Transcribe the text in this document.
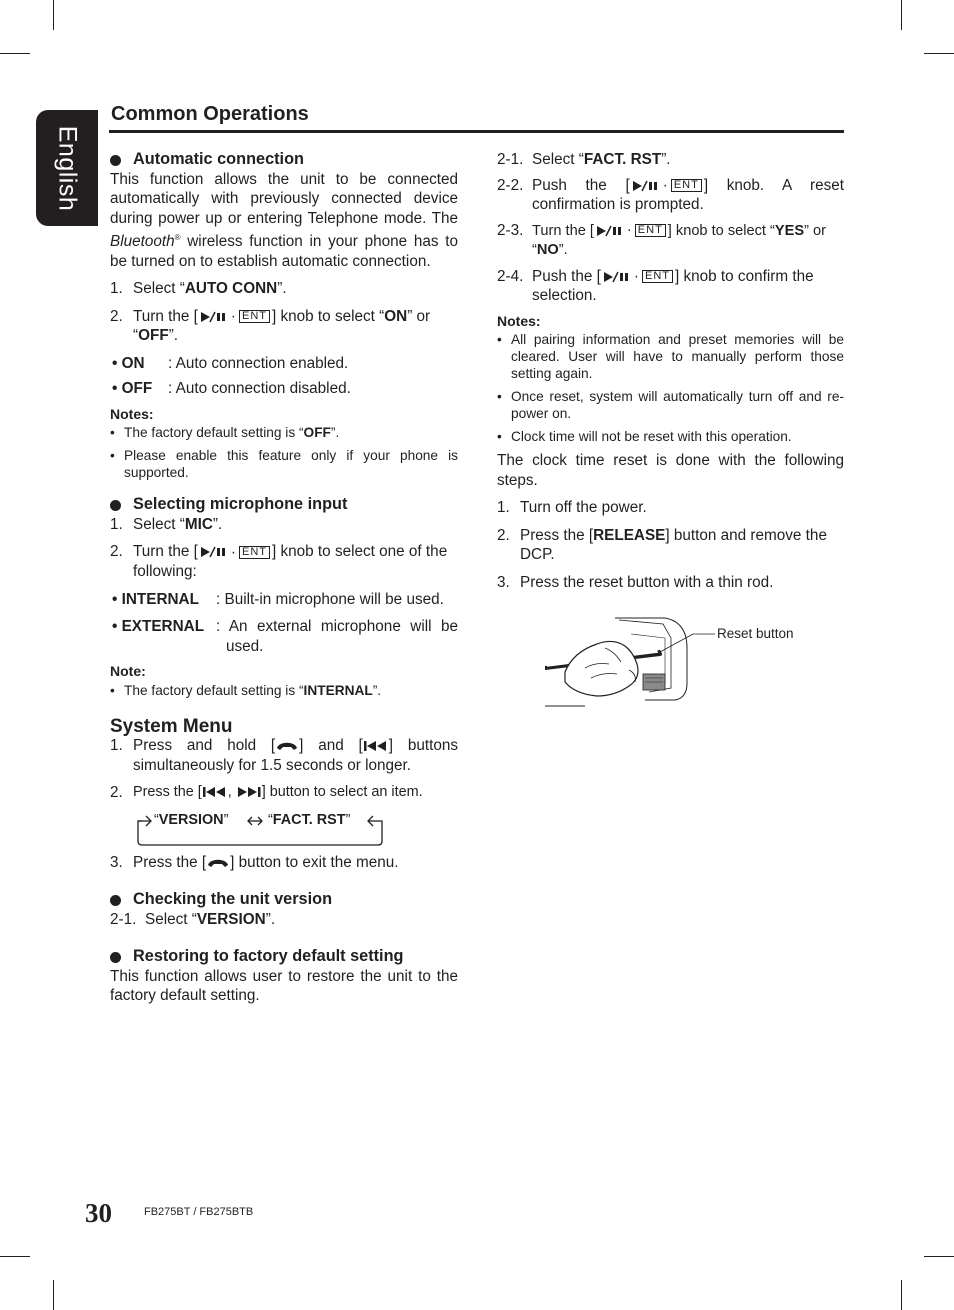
English
Common Operations

Automatic connection

This function allows the unit to be connected automatically with previously connected device during power up or entering Telephone mode. The Bluetooth® wireless function in your phone has to be turned on to establish automatic connection.

1. Select “AUTO CONN”.

2. Turn the [ · ENT ] knob to select “ON” or “OFF”.

• ON	: Auto connection enabled.

• OFF	: Auto connection disabled.

Notes:

• The factory default setting is “OFF”.

• Please enable this feature only if your phone is supported.

Selecting microphone input

1. Select “MIC”.

2. Turn the [ · ENT ] knob to select one of the following:

• INTERNAL	: Built-in microphone will be used.

• EXTERNAL : An external microphone will be used.

Note:

• The factory default setting is “INTERNAL”.

System Menu

1. Press and hold [ ] and [ ] buttons simultaneously for 1.5 seconds or longer.

2. Press the [ , ] button to select an item.

“VERSION”	“FACT. RST”

3. Press the [ ] button to exit the menu.

Checking the unit version

2-1. Select “VERSION”.

Restoring to factory default setting

This function allows user to restore the unit to the factory default setting.

2-1. Select “FACT. RST”.

2-2. Push the [ · ENT ] knob. A reset confirmation is prompted.

2-3. Turn the [ · ENT ] knob to select “YES” or “NO”.

2-4. Push the [ · ENT ] knob to confirm the selection.

Notes:

• All pairing information and preset memories will be cleared. User will have to manually perform those setting again.

• Once reset, system will automatically turn off and re-power on.

• Clock time will not be reset with this operation.

The clock time reset is done with the following steps.

1. Turn off the power.

2. Press the [RELEASE] button and remove the DCP.

3. Press the reset button with a thin rod.

Reset button
30	FB275BT / FB275BTB
